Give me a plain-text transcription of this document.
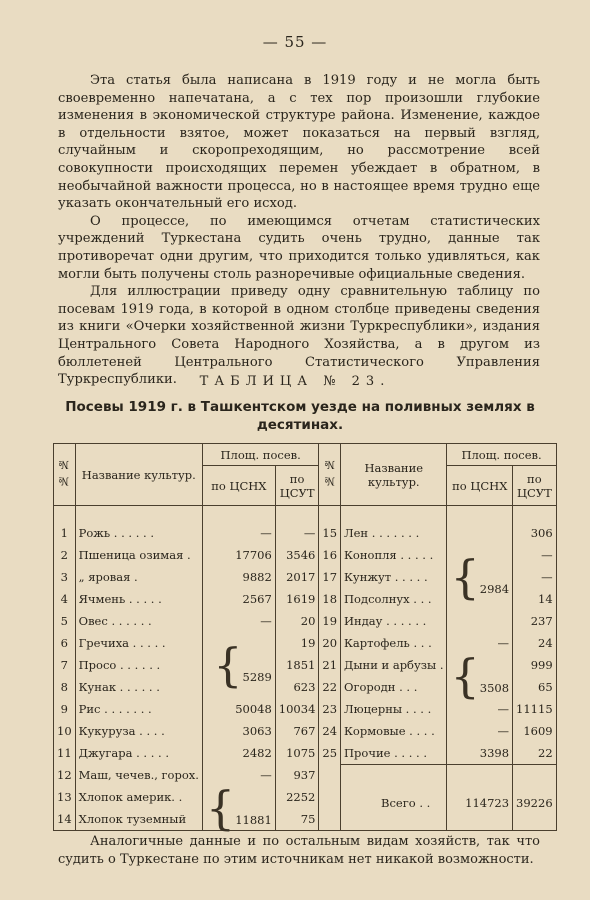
— 55 —

Эта статья была написана в 1919 году и не могла быть своевременно напечатана, а с тех пор произошли глубокие изменения в экономической структуре района. Изменение, каждое в отдельности взятое, может показаться на первый взгляд, случайным и скоропреходящим, но рассмотрение всей совокупности происходящих перемен убеждает в обратном, в необычайной важности процесса, но в настоящее время трудно еще указать окончательный его исход.

О процессе, по имеющимся отчетам статистических учреждений Туркестана судить очень трудно, данные так противоречат одни другим, что приходится только удивляться, как могли быть получены столь разноречивые официальные сведения.

Для иллюстрации приведу одну сравнительную таблицу по посевам 1919 года, в которой в одном столбце приведены сведения из книги «Очерки хозяйственной жизни Туркреспублики», издания Центрального Совета Народного Хозяйства, а в другом из бюллетеней Центрального Статистического Управления Туркреспублики.	ТАБЛИЦА № 23.
Посевы 1919 г. в Ташкентском уезде на поливных землях в десятинах.
№ №	Название культур.	Площ. посев.		№ №	Название культур.	Площ. посев.	
		по ЦСНХ	по ЦСУТ			по ЦСНХ	по ЦСУТ

1	Рожь . . . . . .	—	—	15	Лен . . . . . . .	{2984	306
2	Пшеница озимая .	17706	3546	16	Конопля . . . . .		—
3	„ яровая .	9882	2017	17	Кунжут . . . . .		—
4	Ячмень . . . . .	2567	1619	18	Подсолнух . . .		14
5	Овес . . . . . .	—	20	19	Индау . . . . . .		237
6	Гречиха . . . . .	{5289	19	20	Картофель . . .	—	24
7	Просо . . . . . .		1851	21	Дыни и арбузы .	{3508	999
8	Кунак . . . . . .		623	22	Огородн . . .		65
9	Рис . . . . . . .	50048	10034	23	Люцерны . . . .	—	11115
10	Кукуруза . . . .	3063	767	24	Кормовые . . . .	—	1609
11	Джугара . . . . .	2482	1075	25	Прочие . . . . .	3398	22
12	Маш, чечев., горох.	—	937		Всего . .	114723	39226
13	Хлопок америк. .	{11881	2252				
14	Хлопок туземный		75				

Аналогичные данные и по остальным видам хозяйств, так что судить о Туркестане по этим источникам нет никакой возможности.
